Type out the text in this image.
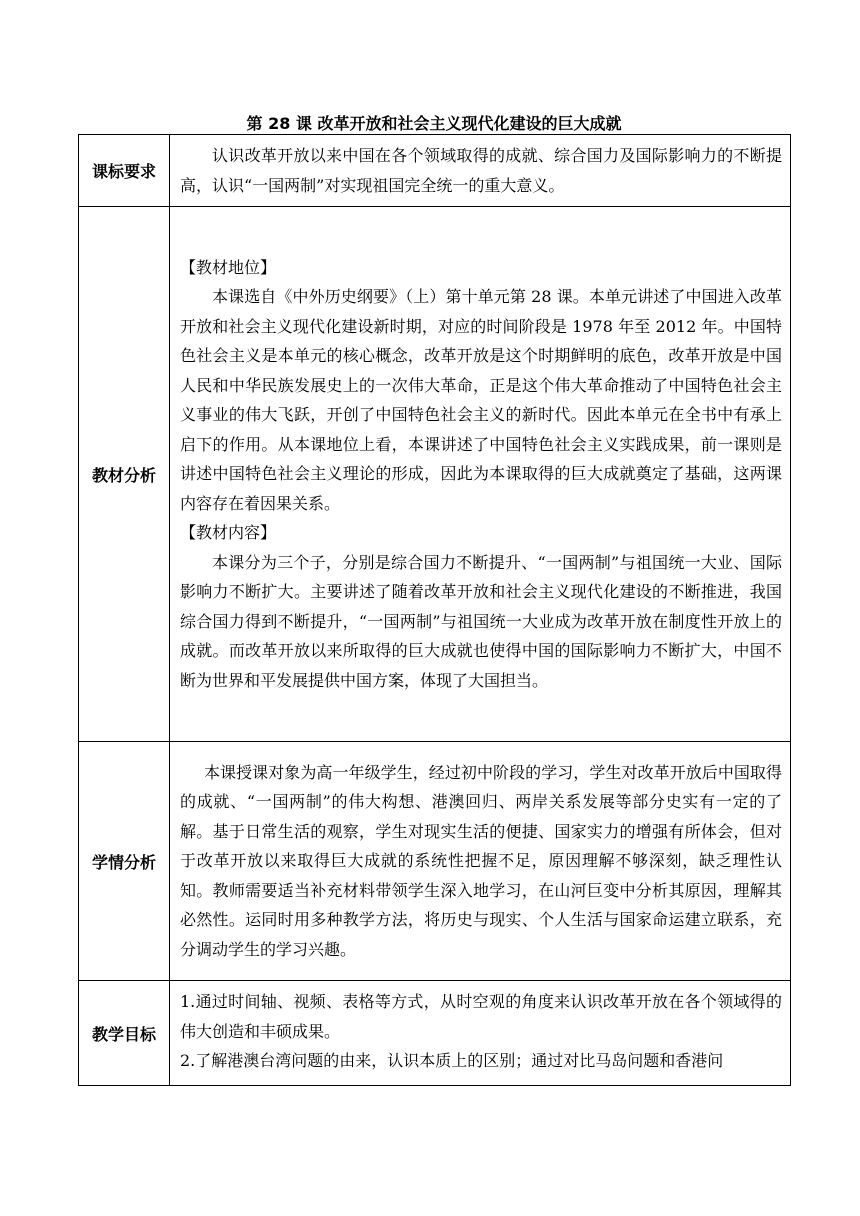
第 28 课 改革开放和社会主义现代化建设的巨大成就
课标要求	认识改革开放以来中国在各个领域取得的成就、综合国力及国际影响力的不断提高，认识“一国两制”对实现祖国完全统一的重大意义。

教材分析	【教材地位】

本课选自《中外历史纲要》（上）第十单元第 28 课。本单元讲述了中国进入改革开放和社会主义现代化建设新时期，对应的时间阶段是 1978 年至 2012 年。中国特色社会主义是本单元的核心概念，改革开放是这个时期鲜明的底色，改革开放是中国人民和中华民族发展史上的一次伟大革命，正是这个伟大革命推动了中国特色社会主义事业的伟大飞跃，开创了中国特色社会主义的新时代。因此本单元在全书中有承上启下的作用。从本课地位上看，本课讲述了中国特色社会主义实践成果，前一课则是讲述中国特色社会主义理论的形成，因此为本课取得的巨大成就奠定了基础，这两课内容存在着因果关系。

【教材内容】

本课分为三个子，分别是综合国力不断提升、“一国两制”与祖国统一大业、国际影响力不断扩大。主要讲述了随着改革开放和社会主义现代化建设的不断推进，我国综合国力得到不断提升，“一国两制”与祖国统一大业成为改革开放在制度性开放上的成就。而改革开放以来所取得的巨大成就也使得中国的国际影响力不断扩大，中国不断为世界和平发展提供中国方案，体现了大国担当。

学情分析	本课授课对象为高一年级学生，经过初中阶段的学习，学生对改革开放后中国取得的成就、“一国两制”的伟大构想、港澳回归、两岸关系发展等部分史实有一定的了解。基于日常生活的观察，学生对现实生活的便捷、国家实力的增强有所体会，但对于改革开放以来取得巨大成就的系统性把握不足，原因理解不够深刻，缺乏理性认知。教师需要适当补充材料带领学生深入地学习，在山河巨变中分析其原因，理解其必然性。运同时用多种教学方法，将历史与现实、个人生活与国家命运建立联系，充分调动学生的学习兴趣。

教学目标	1.通过时间轴、视频、表格等方式，从时空观的角度来认识改革开放在各个领域得的伟大创造和丰硕成果。

2.了解港澳台湾问题的由来，认识本质上的区别；通过对比马岛问题和香港问
